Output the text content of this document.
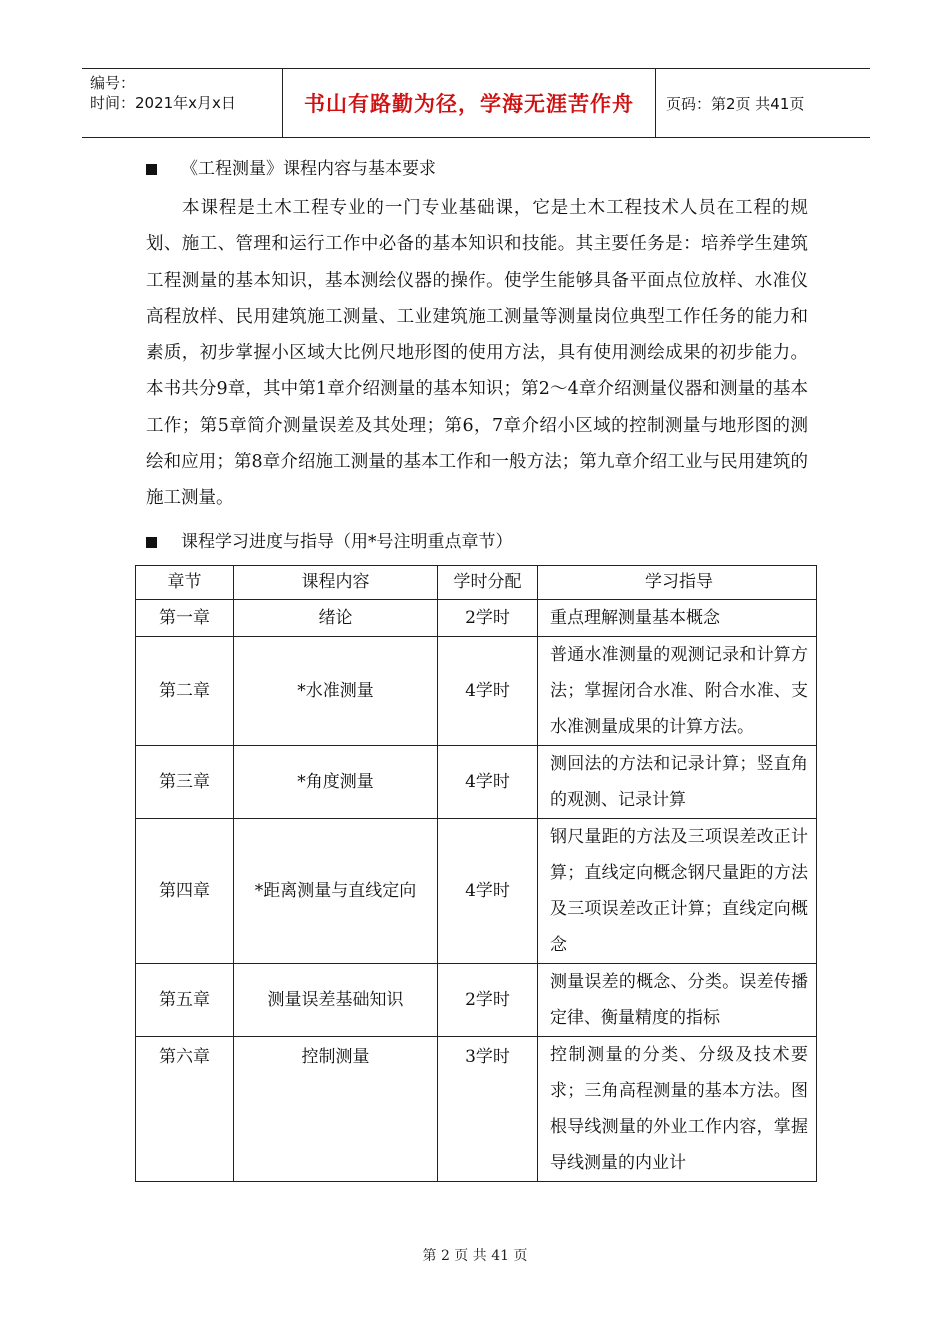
编号：
时间：2021年x月x日	书山有路勤为径，学海无涯苦作舟	页码：第2页 共41页
《工程测量》课程内容与基本要求

本课程是土木工程专业的一门专业基础课，它是土木工程技术人员在工程的规划、施工、管理和运行工作中必备的基本知识和技能。其主要任务是：培养学生建筑工程测量的基本知识，基本测绘仪器的操作。使学生能够具备平面点位放样、水准仪高程放样、民用建筑施工测量、工业建筑施工测量等测量岗位典型工作任务的能力和素质，初步掌握小区域大比例尺地形图的使用方法，具有使用测绘成果的初步能力。 本书共分9章，其中第1章介绍测量的基本知识；第2～4章介绍测量仪器和测量的基本工作；第5章简介测量误差及其处理；第6，7章介绍小区域的控制测量与地形图的测绘和应用；第8章介绍施工测量的基本工作和一般方法；第九章介绍工业与民用建筑的施工测量。

课程学习进度与指导（用*号注明重点章节）
章节	课程内容	学时分配	学习指导
第一章	绪论	2学时	重点理解测量基本概念
第二章	*水准测量	4学时	普通水准测量的观测记录和计算方法；掌握闭合水准、附合水准、支水准测量成果的计算方法。
第三章	*角度测量	4学时	测回法的方法和记录计算；竖直角的观测、记录计算
第四章	*距离测量与直线定向	4学时	钢尺量距的方法及三项误差改正计算；直线定向概念钢尺量距的方法及三项误差改正计算；直线定向概念
第五章	测量误差基础知识	2学时	测量误差的概念、分类。误差传播定律、衡量精度的指标
第六章	控制测量	3学时	控制测量的分类、分级及技术要求；三角高程测量的基本方法。图根导线测量的外业工作内容，掌握导线测量的内业计
第 2 页 共 41 页
